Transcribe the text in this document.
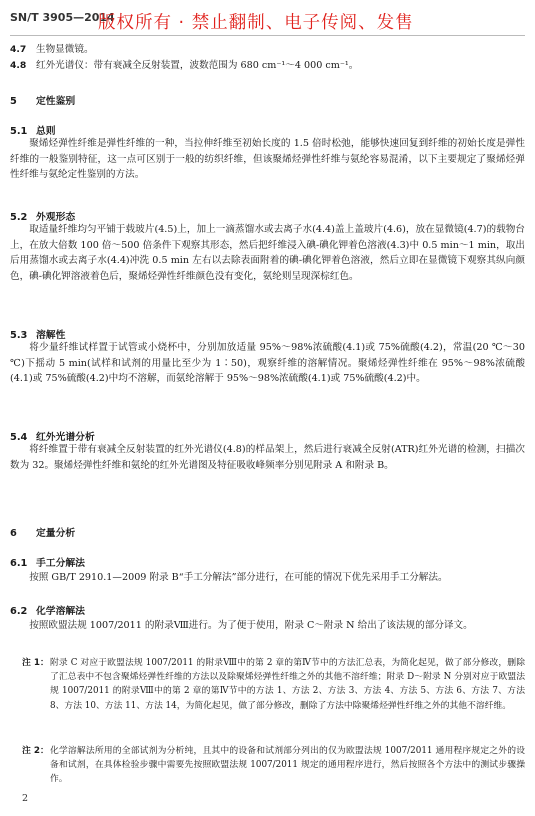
SN/T 3905—2014
版权所有 · 禁止翻制、电子传阅、发售
4.7 生物显微镜。
4.8 红外光谱仪：带有衰减全反射装置，波数范围为 680 cm⁻¹～4 000 cm⁻¹。
5 定性鉴别
5.1 总则

聚烯烃弹性纤维是弹性纤维的一种，当拉伸纤维至初始长度的 1.5 倍时松弛，能够快速回复到纤维的初始长度是弹性纤维的一般鉴别特征，这一点可区别于一般的纺织纤维，但该聚烯烃弹性纤维与氨纶容易混淆，以下主要规定了聚烯烃弹性纤维与氨纶定性鉴别的方法。

5.2 外观形态

取适量纤维均匀平铺于载玻片(4.5)上，加上一滴蒸馏水或去离子水(4.4)盖上盖玻片(4.6)，放在显微镜(4.7)的载物台上，在放大倍数 100 倍～500 倍条件下观察其形态，然后把纤维浸入碘-碘化钾着色溶液(4.3)中 0.5 min～1 min，取出后用蒸馏水或去离子水(4.4)冲洗 0.5 min 左右以去除表面附着的碘-碘化钾着色溶液，然后立即在显微镜下观察其纵向颜色，碘-碘化钾溶液着色后，聚烯烃弹性纤维颜色没有变化，氨纶则呈现深棕红色。

5.3 溶解性

将少量纤维试样置于试管或小烧杯中，分别加放适量 95%～98%浓硫酸(4.1)或 75%硫酸(4.2)，常温(20 ℃～30 ℃)下摇动 5 min(试样和试剂的用量比至少为 1∶50)，观察纤维的溶解情况。聚烯烃弹性纤维在 95%～98%浓硫酸(4.1)或 75%硫酸(4.2)中均不溶解，而氨纶溶解于 95%～98%浓硫酸(4.1)或 75%硫酸(4.2)中。

5.4 红外光谱分析

将纤维置于带有衰减全反射装置的红外光谱仪(4.8)的样品架上，然后进行衰减全反射(ATR)红外光谱的检测，扫描次数为 32。聚烯烃弹性纤维和氨纶的红外光谱图及特征吸收峰频率分别见附录 A 和附录 B。

6 定量分析
6.1 手工分解法

按照 GB/T 2910.1—2009 附录 B“手工分解法”部分进行，在可能的情况下优先采用手工分解法。

6.2 化学溶解法

按照欧盟法规 1007/2011 的附录Ⅷ进行。为了便于使用，附录 C～附录 N 给出了该法规的部分译文。

注 1： 附录 C 对应于欧盟法规 1007/2011 的附录Ⅷ中的第 2 章的第Ⅳ节中的方法汇总表，为简化起见，做了部分修改，删除了汇总表中不包含聚烯烃弹性纤维的方法以及除聚烯烃弹性纤维之外的其他不溶纤维；附录 D～附录 N 分别对应于欧盟法规 1007/2011 的附录Ⅷ中的第 2 章的第Ⅳ节中的方法 1、方法 2、方法 3、方法 4、方法 5、方法 6、方法 7、方法 8、方法 10、方法 11、方法 14，为简化起见，做了部分修改，删除了方法中除聚烯烃弹性纤维之外的其他不溶纤维。
注 2： 化学溶解法所用的全部试剂为分析纯，且其中的设备和试剂部分列出的仅为欧盟法规 1007/2011 通用程序规定之外的设备和试剂，在具体检验步骤中需要先按照欧盟法规 1007/2011 规定的通用程序进行，然后按照各个方法中的测试步骤操作。
2
